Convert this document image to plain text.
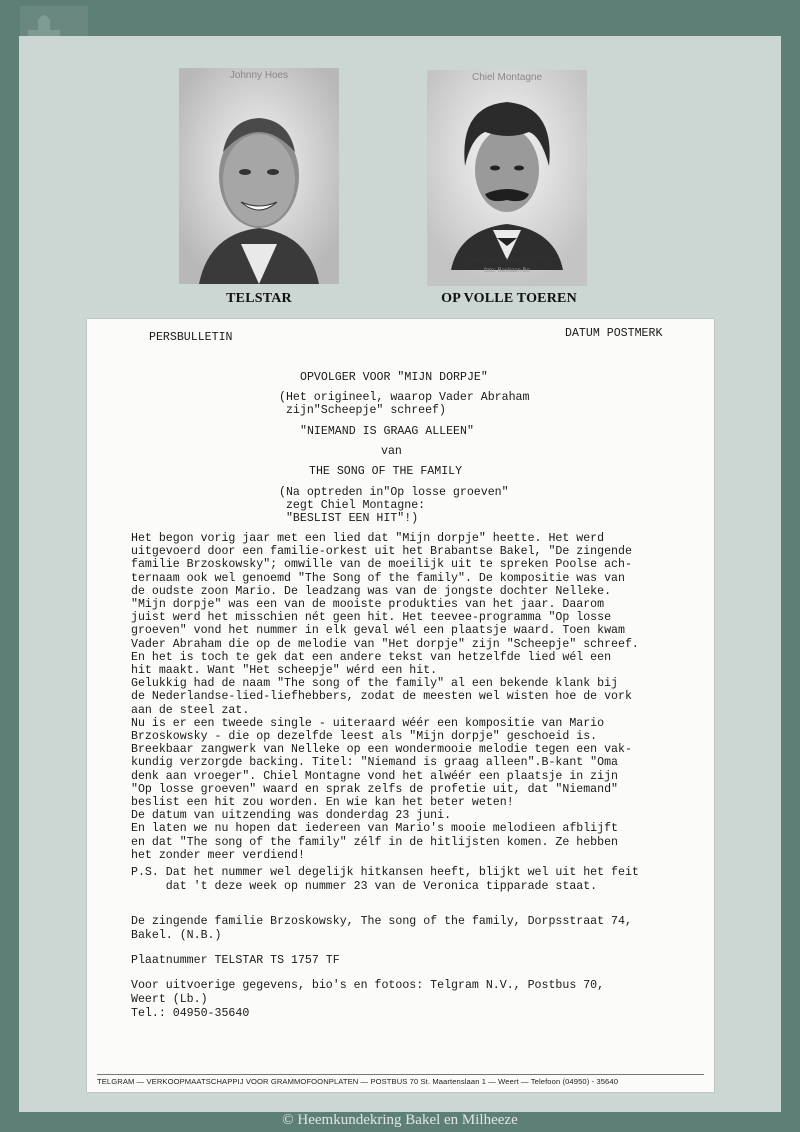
Johnny Hoes	Chiel Montagne
Chiel Montagne in 1984
foto: Bastiaan Bo
TELSTAR	OP VOLLE TOEREN
PERSBULLETIN	DATUM POSTMERK
OPVOLGER VOOR "MIJN DORPJE"
(Het origineel, waarop Vader Abraham
zijn"Scheepje" schreef)
"NIEMAND IS GRAAG ALLEEN"
van
THE SONG OF THE FAMILY
(Na optreden in"Op losse groeven"
zegt Chiel Montagne:
"BESLIST EEN HIT"!)
Het begon vorig jaar met een lied dat "Mijn dorpje" heette. Het werd
uitgevoerd door een familie-orkest uit het Brabantse Bakel, "De zingende
familie Brzoskowsky"; omwille van de moeilijk uit te spreken Poolse ach-
ternaam ook wel genoemd "The Song of the family". De kompositie was van
de oudste zoon Mario. De leadzang was van de jongste dochter Nelleke.
"Mijn dorpje" was een van de mooiste produkties van het jaar. Daarom
juist werd het misschien nét geen hit. Het teevee-programma "Op losse
groeven" vond het nummer in elk geval wél een plaatsje waard. Toen kwam
Vader Abraham die op de melodie van "Het dorpje" zijn "Scheepje" schreef.
En het is toch te gek dat een andere tekst van hetzelfde lied wél een
hit maakt. Want "Het scheepje" wérd een hit.
Gelukkig had de naam "The song of the family" al een bekende klank bij
de Nederlandse-lied-liefhebbers, zodat de meesten wel wisten hoe de vork
aan de steel zat.
Nu is er een tweede single - uiteraard wéér een kompositie van Mario
Brzoskowsky - die op dezelfde leest als "Mijn dorpje" geschoeid is.
Breekbaar zangwerk van Nelleke op een wondermooie melodie tegen een vak-
kundig verzorgde backing. Titel: "Niemand is graag alleen".B-kant "Oma
denk aan vroeger". Chiel Montagne vond het alwéér een plaatsje in zijn
"Op losse groeven" waard en sprak zelfs de profetie uit, dat "Niemand"
beslist een hit zou worden. En wie kan het beter weten!
De datum van uitzending was donderdag 23 juni.
En laten we nu hopen dat iedereen van Mario's mooie melodieen afblijft
en dat "The song of the family" zélf in de hitlijsten komen. Ze hebben
het zonder meer verdiend!
P.S. Dat het nummer wel degelijk hitkansen heeft, blijkt wel uit het feit
dat 't deze week op nummer 23 van de Veronica tipparade staat.
De zingende familie Brzoskowsky, The song of the family, Dorpsstraat 74,
Bakel. (N.B.)
Plaatnummer TELSTAR TS 1757 TF
Voor uitvoerige gegevens, bio's en fotoos: Telgram N.V., Postbus 70,
Weert (Lb.)
Tel.: 04950-35640
TELGRAM — VERKOOPMAATSCHAPPIJ VOOR GRAMMOFOONPLATEN — POSTBUS 70 St. Maartenslaan 1 — Weert — Telefoon (04950) - 35640
© Heemkundekring Bakel en Milheeze
